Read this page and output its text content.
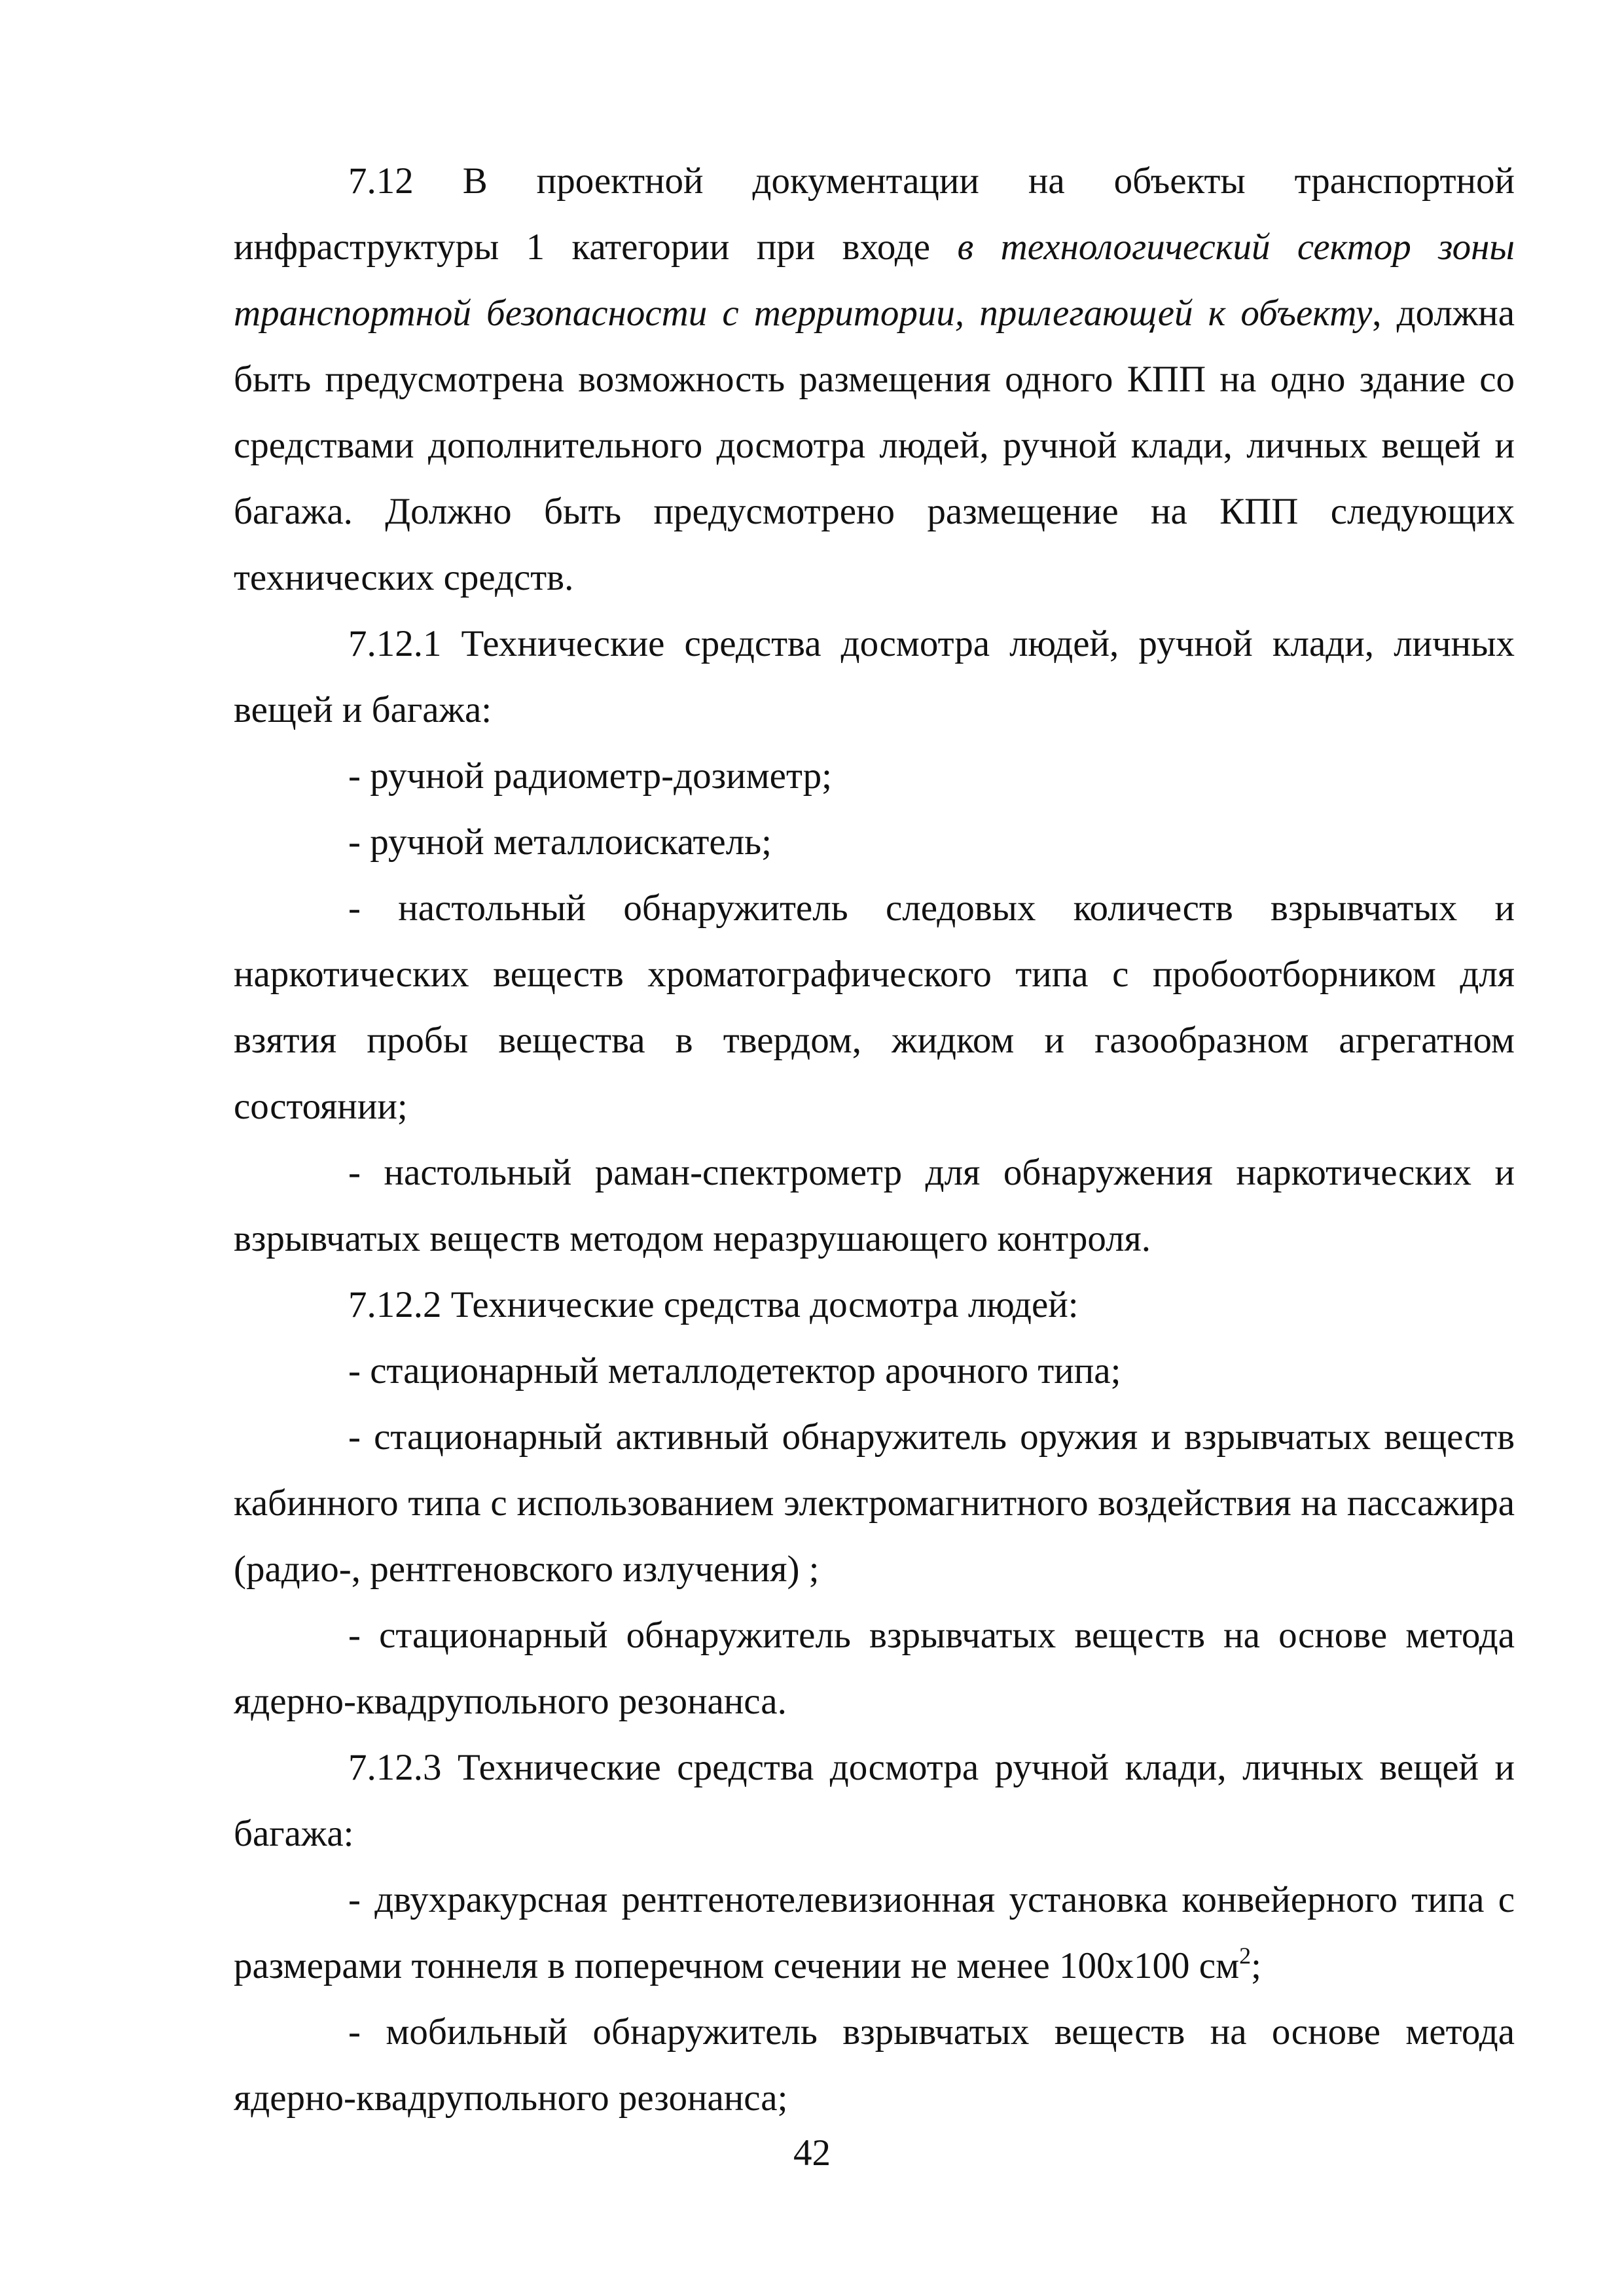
7.12 В проектной документации на объекты транспортной инфраструктуры 1 категории при входе в технологический сектор зоны транспортной безопасности с территории, прилегающей к объекту, должна быть предусмотрена возможность размещения одного КПП на одно здание со средствами дополнительного досмотра людей, ручной клади, личных вещей и багажа. Должно быть предусмотрено размещение на КПП следующих технических средств.

7.12.1 Технические средства досмотра людей, ручной клади, личных вещей и багажа:

- ручной радиометр-дозиметр;

- ручной металлоискатель;

- настольный обнаружитель следовых количеств взрывчатых и наркотических веществ хроматографического типа с пробоотборником для взятия пробы вещества в твердом, жидком и газообразном агрегатном состоянии;

- настольный раман-спектрометр для обнаружения наркотических и взрывчатых веществ методом неразрушающего контроля.

7.12.2 Технические средства досмотра людей:

- стационарный металлодетектор арочного типа;

- стационарный активный обнаружитель оружия и взрывчатых веществ кабинного типа с использованием электромагнитного воздействия на пассажира (радио-, рентгеновского излучения) ;

- стационарный обнаружитель взрывчатых веществ на основе метода ядерно-квадрупольного резонанса.

7.12.3 Технические средства досмотра ручной клади, личных вещей и багажа:

- двухракурсная рентгенотелевизионная установка конвейерного типа с размерами тоннеля в поперечном сечении не менее 100х100 $см^2$;

- мобильный обнаружитель взрывчатых веществ на основе метода ядерно-квадрупольного резонанса;

42
